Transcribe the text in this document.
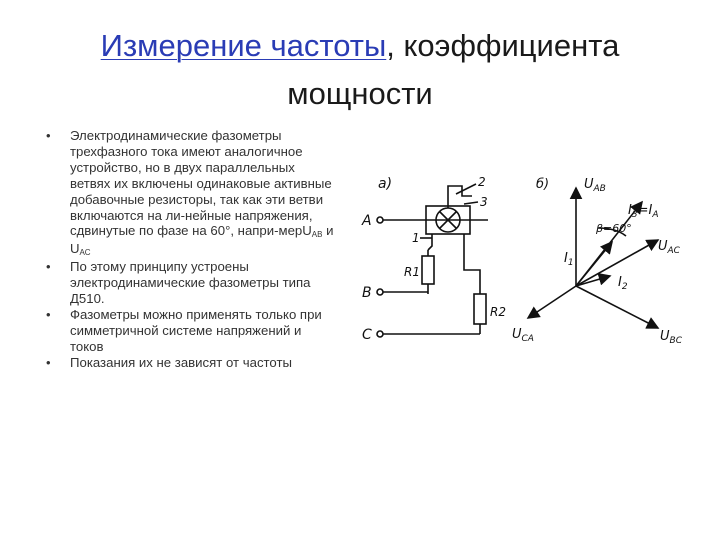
Измерение частоты, коэффициента мощности
• Электродинамические фазометры трехфазного тока имеют аналогичное устройство, но в двух параллельных ветвях их включены одинаковые активные добавочные резисторы, так как эти ветви включаются на ли-нейные напряжения, сдвинутые по фазе на 60°, напри-мерUАВ и UАС
• По этому принципу устроены электродинамические фазометры типа Д510.
• Фазометры можно применять только при симметричной системе напряжений и токов
• Показания их не зависят от частоты
а)
A
B
C
R1
R2
1
2
3
б)	$U_{AB}$
$I_3=I_A$
β=60°
$U_{AC}$
$I_1$
$I_2$
$U_{BC}$
$U_{CA}$
